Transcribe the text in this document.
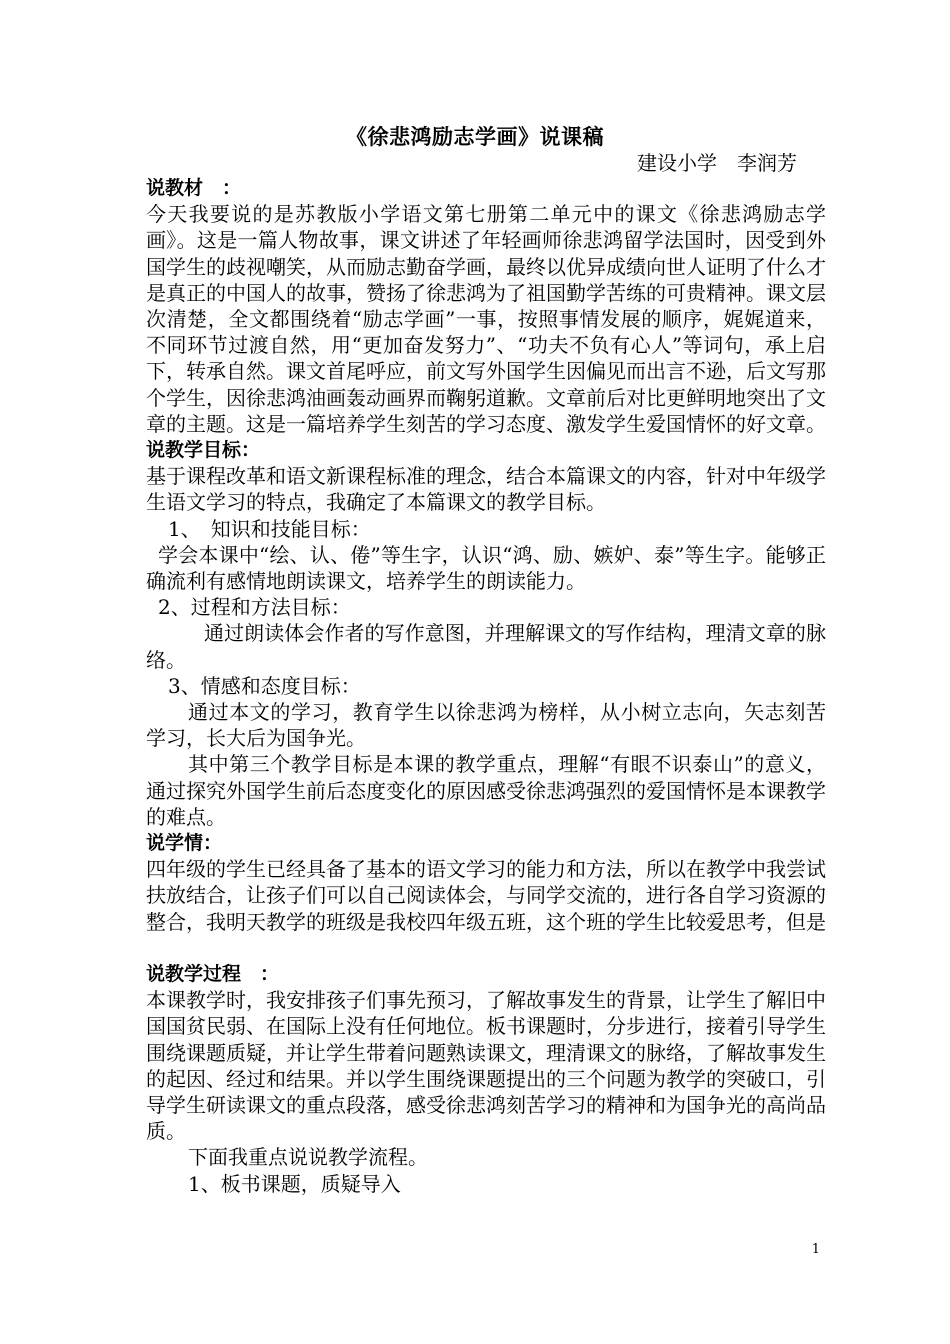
《徐悲鸿励志学画》说课稿
建设小学　李润芳
说教材　：

今天我要说的是苏教版小学语文第七册第二单元中的课文《徐悲鸿励志学画》。这是一篇人物故事，课文讲述了年轻画师徐悲鸿留学法国时，因受到外国学生的歧视嘲笑，从而励志勤奋学画，最终以优异成绩向世人证明了什么才是真正的中国人的故事，赞扬了徐悲鸿为了祖国勤学苦练的可贵精神。课文层次清楚，全文都围绕着“励志学画”一事，按照事情发展的顺序，娓娓道来，不同环节过渡自然，用“更加奋发努力”、“功夫不负有心人”等词句，承上启下，转承自然。课文首尾呼应，前文写外国学生因偏见而出言不逊，后文写那个学生，因徐悲鸿油画轰动画界而鞠躬道歉。文章前后对比更鲜明地突出了文章的主题。这是一篇培养学生刻苦的学习态度、激发学生爱国情怀的好文章。

说教学目标：

基于课程改革和语文新课程标准的理念，结合本篇课文的内容，针对中年级学生语文学习的特点，我确定了本篇课文的教学目标。

1、　知识和技能目标：

学会本课中“绘、认、倦”等生字，认识“鸿、励、嫉妒、泰”等生字。能够正确流利有感情地朗读课文，培养学生的朗读能力。

2、过程和方法目标：

通过朗读体会作者的写作意图，并理解课文的写作结构，理清文章的脉络。

3、情感和态度目标：

通过本文的学习，教育学生以徐悲鸿为榜样，从小树立志向，矢志刻苦学习，长大后为国争光。

其中第三个教学目标是本课的教学重点，理解“有眼不识泰山”的意义，通过探究外国学生前后态度变化的原因感受徐悲鸿强烈的爱国情怀是本课教学的难点。

说学情：

四年级的学生已经具备了基本的语文学习的能力和方法，所以在教学中我尝试扶放结合，让孩子们可以自己阅读体会，与同学交流的，进行各自学习资源的整合，我明天教学的班级是我校四年级五班，这个班的学生比较爱思考，但是

说教学过程　：

本课教学时，我安排孩子们事先预习，了解故事发生的背景，让学生了解旧中国国贫民弱、在国际上没有任何地位。板书课题时，分步进行，接着引导学生围绕课题质疑，并让学生带着问题熟读课文，理清课文的脉络，了解故事发生的起因、经过和结果。并以学生围绕课题提出的三个问题为教学的突破口，引导学生研读课文的重点段落，感受徐悲鸿刻苦学习的精神和为国争光的高尚品质。

下面我重点说说教学流程。

1、板书课题，质疑导入

1
